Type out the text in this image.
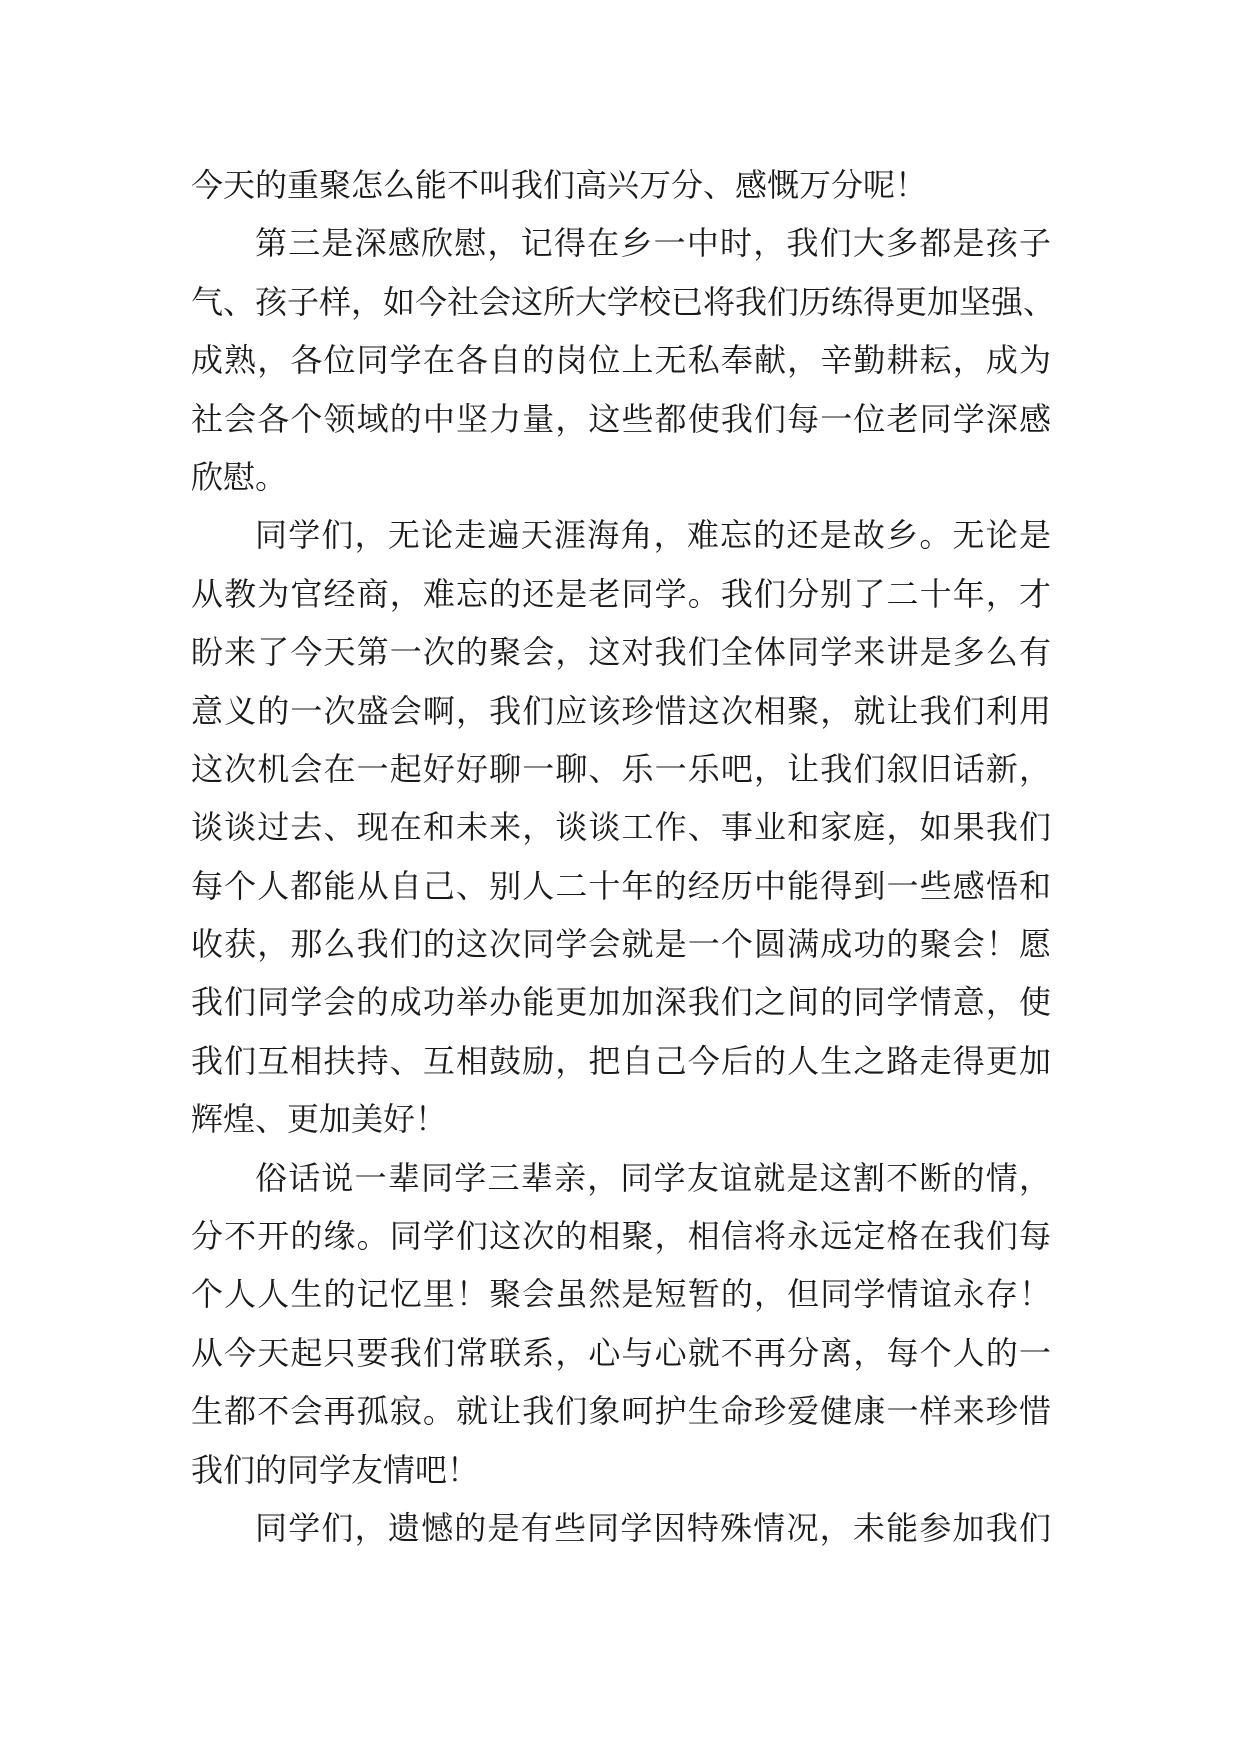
今天的重聚怎么能不叫我们高兴万分、感慨万分呢！
第三是深感欣慰，记得在乡一中时，我们大多都是孩子
气、孩子样，如今社会这所大学校已将我们历练得更加坚强、
成熟，各位同学在各自的岗位上无私奉献，辛勤耕耘，成为
社会各个领域的中坚力量，这些都使我们每一位老同学深感
欣慰。
同学们，无论走遍天涯海角，难忘的还是故乡。无论是
从教为官经商，难忘的还是老同学。我们分别了二十年，才
盼来了今天第一次的聚会，这对我们全体同学来讲是多么有
意义的一次盛会啊，我们应该珍惜这次相聚，就让我们利用
这次机会在一起好好聊一聊、乐一乐吧，让我们叙旧话新，
谈谈过去、现在和未来，谈谈工作、事业和家庭，如果我们
每个人都能从自己、别人二十年的经历中能得到一些感悟和
收获，那么我们的这次同学会就是一个圆满成功的聚会！愿
我们同学会的成功举办能更加加深我们之间的同学情意，使
我们互相扶持、互相鼓励，把自己今后的人生之路走得更加
辉煌、更加美好！
俗话说一辈同学三辈亲，同学友谊就是这割不断的情，
分不开的缘。同学们这次的相聚，相信将永远定格在我们每
个人人生的记忆里！聚会虽然是短暂的，但同学情谊永存！
从今天起只要我们常联系，心与心就不再分离，每个人的一
生都不会再孤寂。就让我们象呵护生命珍爱健康一样来珍惜
我们的同学友情吧！
同学们，遗憾的是有些同学因特殊情况，未能参加我们
